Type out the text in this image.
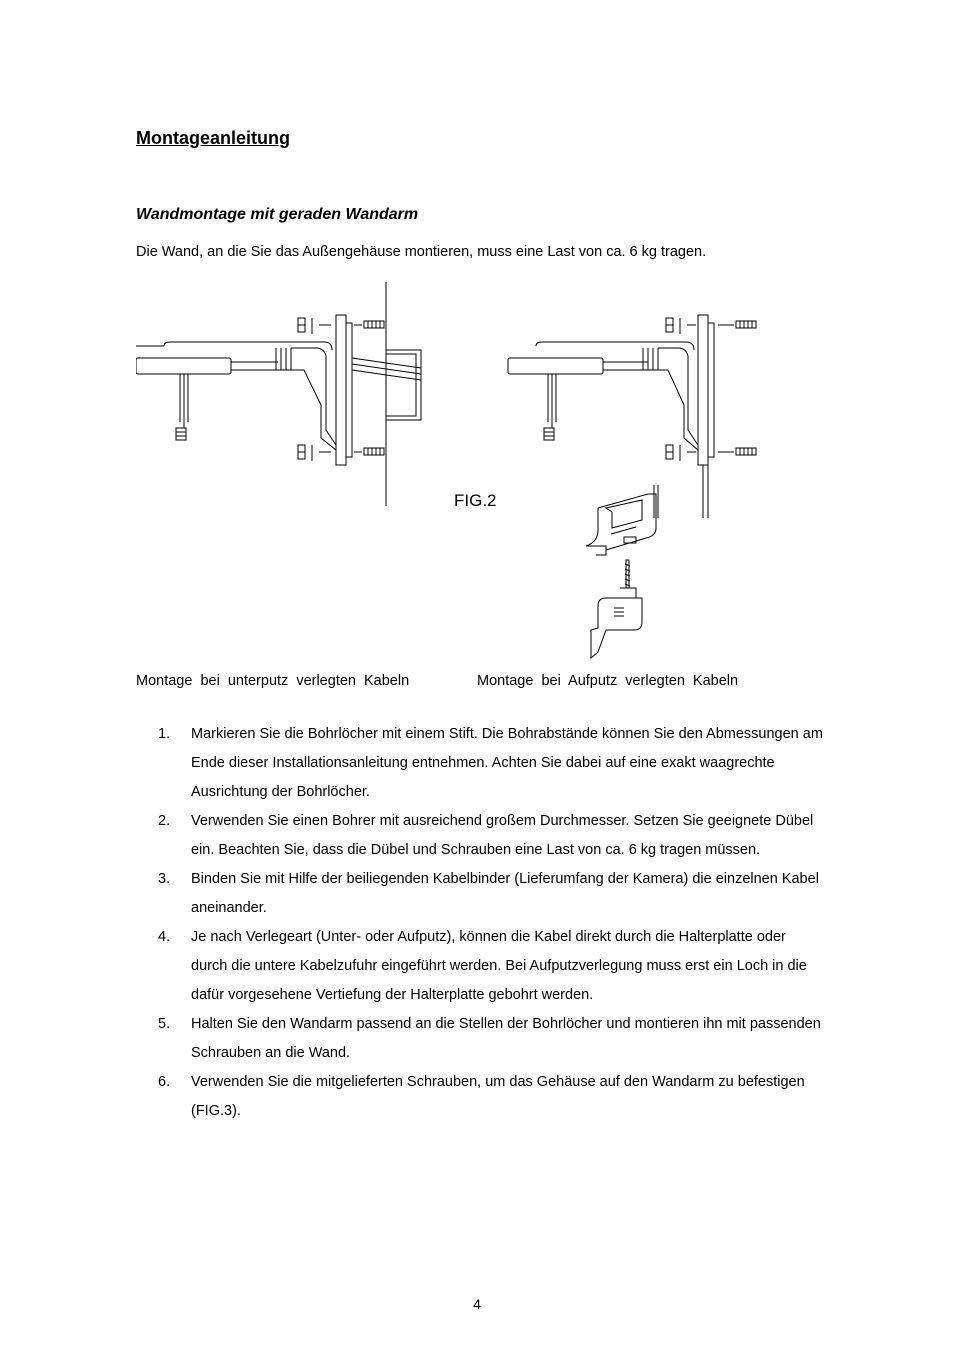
Montageanleitung
Wandmontage mit geraden Wandarm
Die Wand, an die Sie das Außengehäuse montieren, muss eine Last von ca. 6 kg tragen.
FIG.2
Montage bei unterputz verlegten Kabeln	Montage bei Aufputz verlegten Kabeln
1. Markieren Sie die Bohrlöcher mit einem Stift. Die Bohrabstände können Sie den Abmessungen am Ende dieser Installationsanleitung entnehmen. Achten Sie dabei auf eine exakt waagrechte Ausrichtung der Bohrlöcher.
2. Verwenden Sie einen Bohrer mit ausreichend großem Durchmesser. Setzen Sie geeignete Dübel ein. Beachten Sie, dass die Dübel und Schrauben eine Last von ca. 6 kg tragen müssen.
3. Binden Sie mit Hilfe der beiliegenden Kabelbinder (Lieferumfang der Kamera) die einzelnen Kabel aneinander.
4. Je nach Verlegeart (Unter- oder Aufputz), können die Kabel direkt durch die Halterplatte oder durch die untere Kabelzufuhr eingeführt werden. Bei Aufputzverlegung muss erst ein Loch in die dafür vorgesehene Vertiefung der Halterplatte gebohrt werden.
5. Halten Sie den Wandarm passend an die Stellen der Bohrlöcher und montieren ihn mit passenden Schrauben an die Wand.
6. Verwenden Sie die mitgelieferten Schrauben, um das Gehäuse auf den Wandarm zu befestigen (FIG.3).
4
